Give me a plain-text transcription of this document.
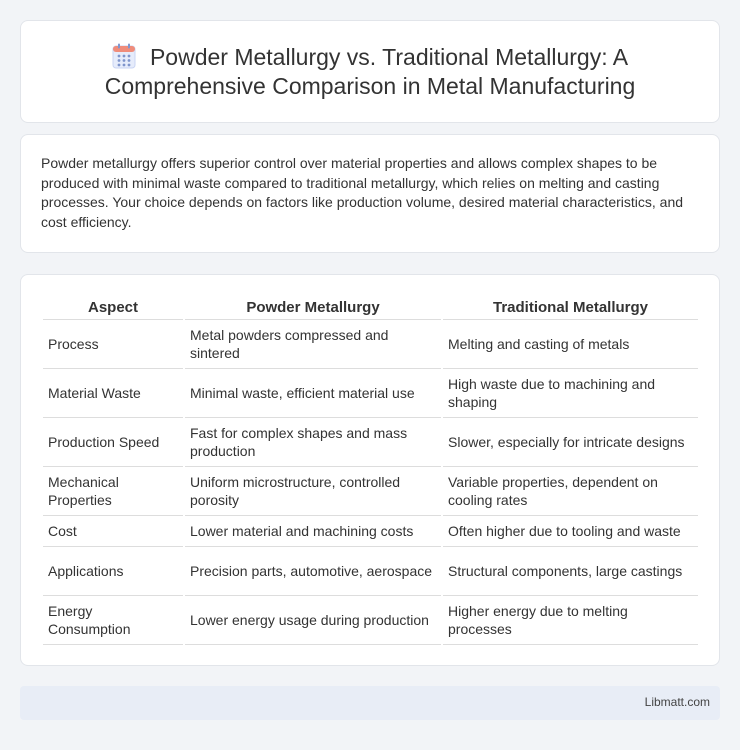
Powder Metallurgy vs. Traditional Metallurgy: A Comprehensive Comparison in Metal Manufacturing

Powder metallurgy offers superior control over material properties and allows complex shapes to be produced with minimal waste compared to traditional metallurgy, which relies on melting and casting processes. Your choice depends on factors like production volume, desired material characteristics, and cost efficiency.

Aspect	Powder Metallurgy	Traditional Metallurgy
Process	Metal powders compressed and sintered	Melting and casting of metals
Material Waste	Minimal waste, efficient material use	High waste due to machining and shaping
Production Speed	Fast for complex shapes and mass production	Slower, especially for intricate designs
Mechanical Properties	Uniform microstructure, controlled porosity	Variable properties, dependent on cooling rates
Cost	Lower material and machining costs	Often higher due to tooling and waste
Applications	Precision parts, automotive, aerospace	Structural components, large castings
Energy Consumption	Lower energy usage during production	Higher energy due to melting processes
Libmatt.com
